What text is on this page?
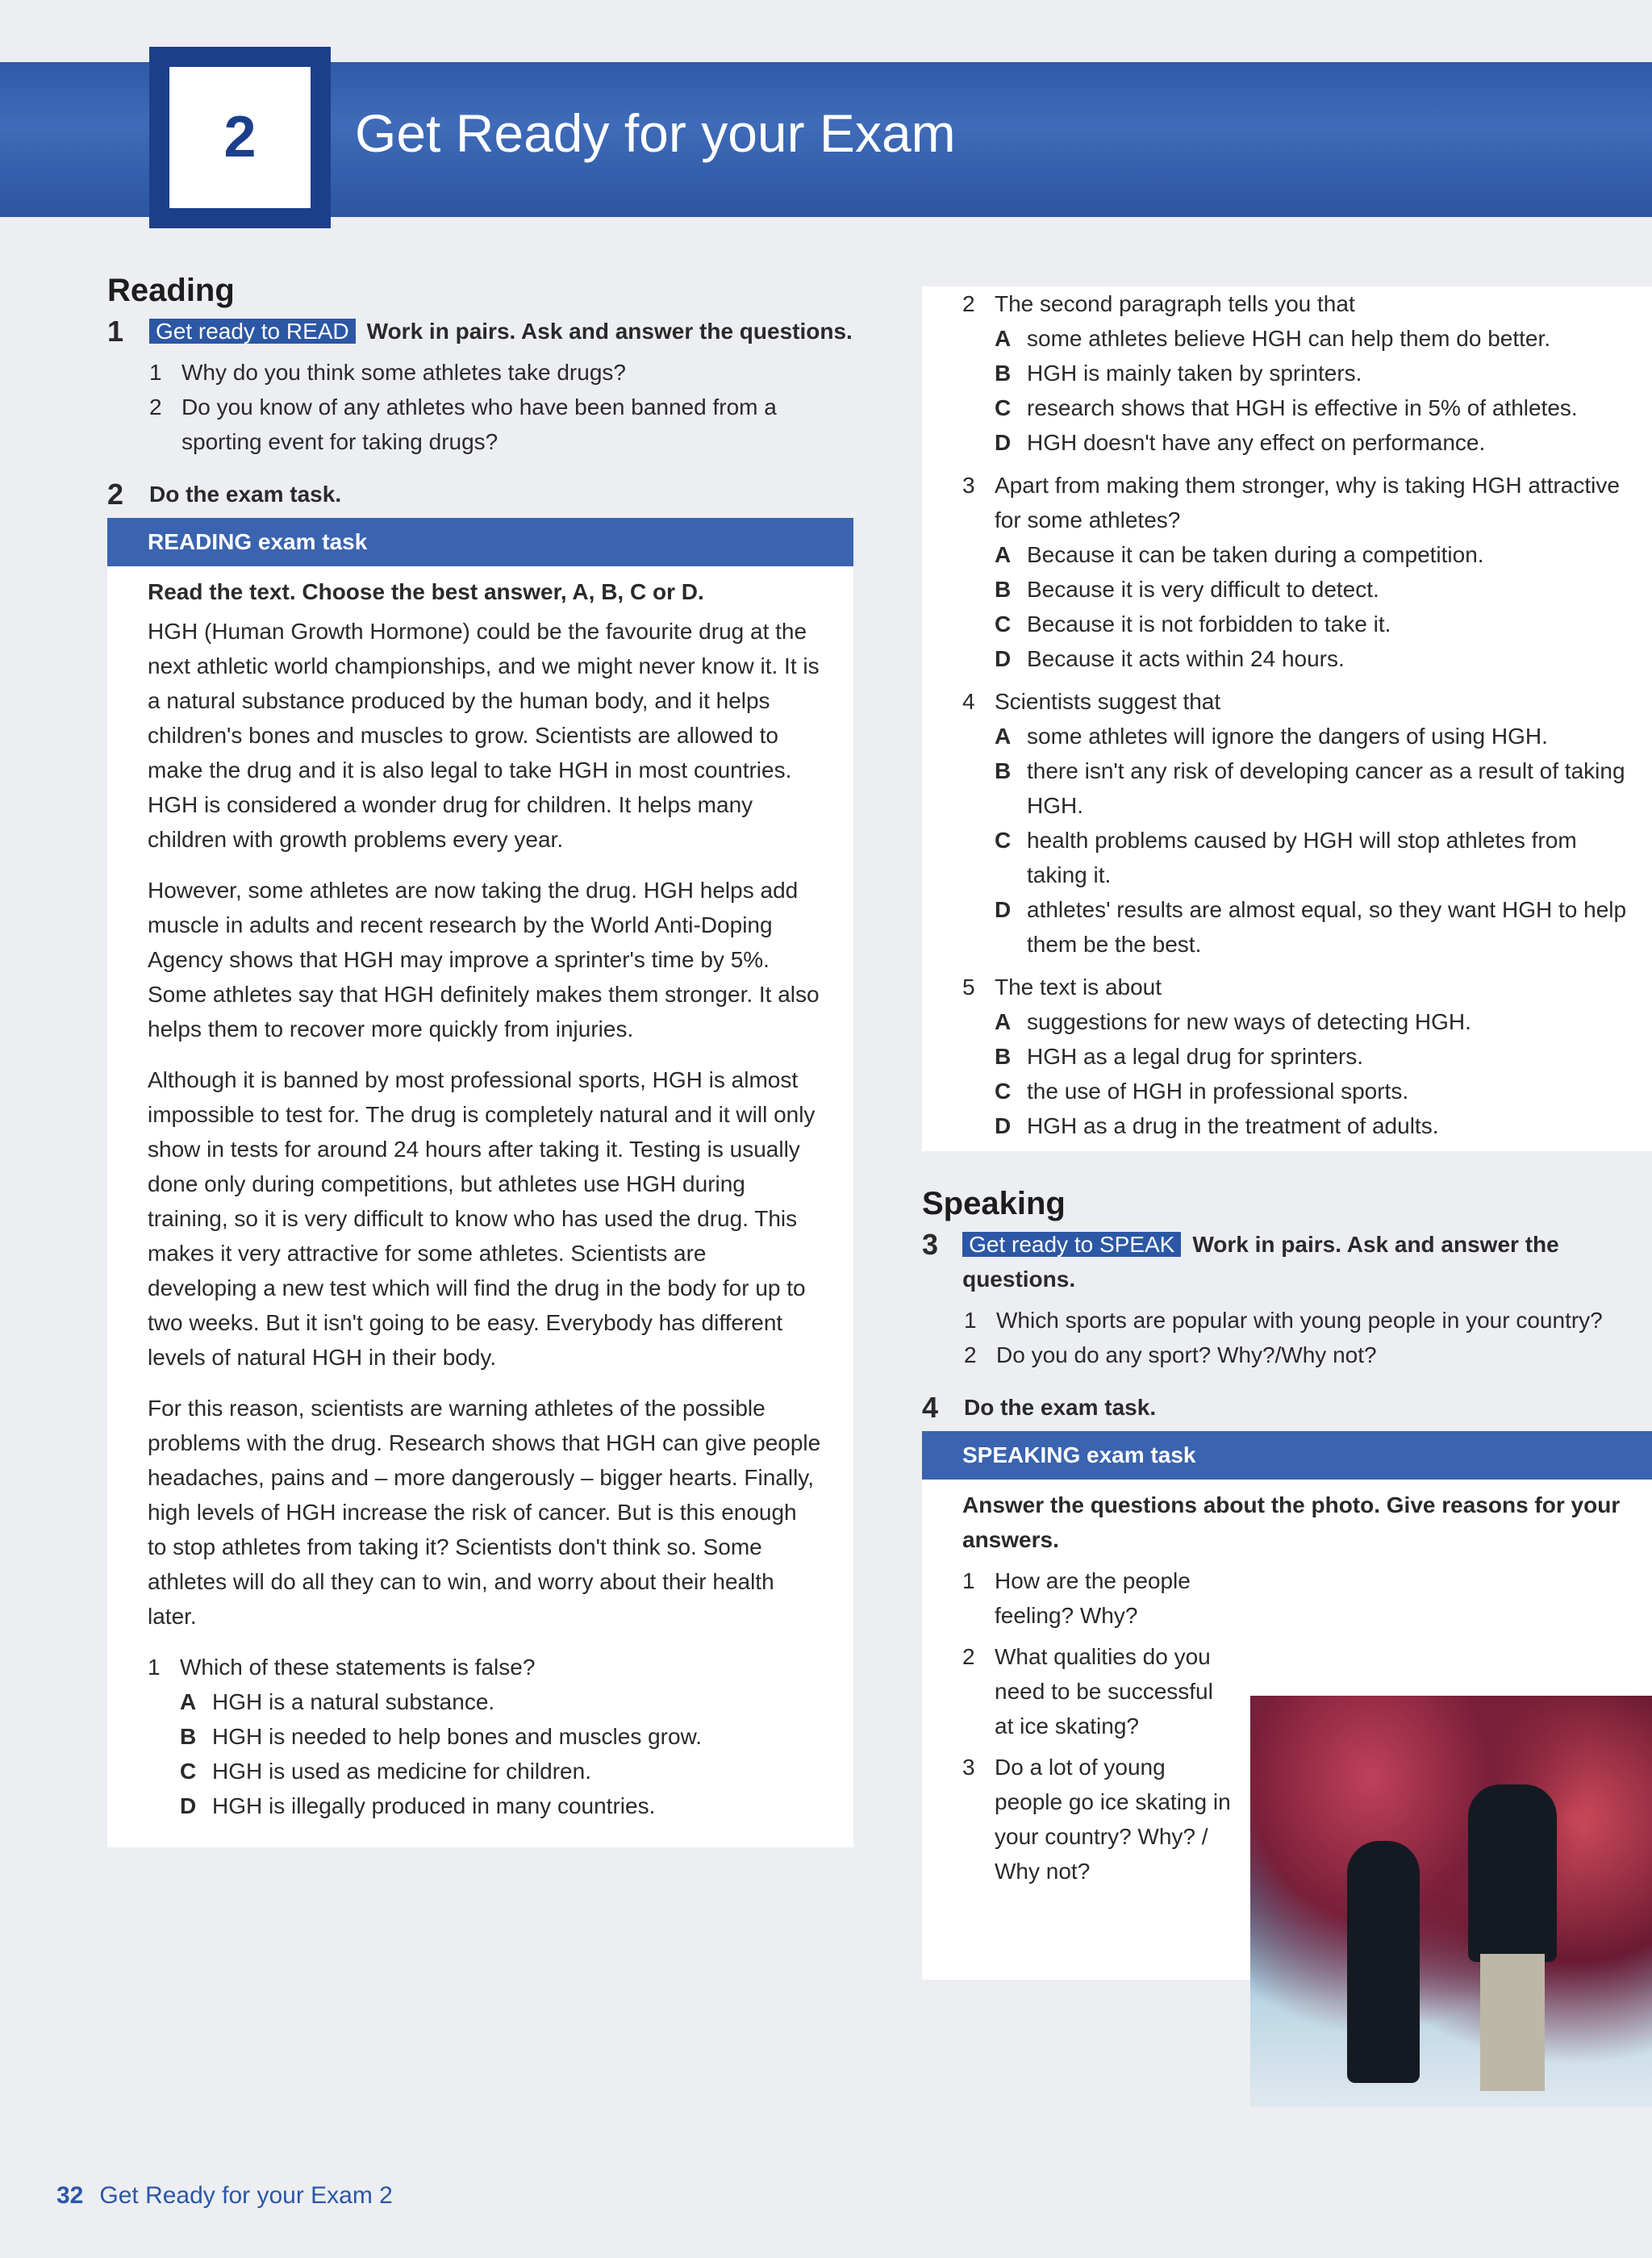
2	Get Ready for your Exam
Reading
1	Get ready to READ Work in pairs. Ask and answer the questions.
1 Why do you think some athletes take drugs?
2 Do you know of any athletes who have been banned from a sporting event for taking drugs?
2	Do the exam task.
READING exam task
Read the text. Choose the best answer, A, B, C or D.

HGH (Human Growth Hormone) could be the favourite drug at the next athletic world championships, and we might never know it. It is a natural substance produced by the human body, and it helps children's bones and muscles to grow. Scientists are allowed to make the drug and it is also legal to take HGH in most countries. HGH is considered a wonder drug for children. It helps many children with growth problems every year.

However, some athletes are now taking the drug. HGH helps add muscle in adults and recent research by the World Anti-Doping Agency shows that HGH may improve a sprinter's time by 5%. Some athletes say that HGH definitely makes them stronger. It also helps them to recover more quickly from injuries.

Although it is banned by most professional sports, HGH is almost impossible to test for. The drug is completely natural and it will only show in tests for around 24 hours after taking it. Testing is usually done only during competitions, but athletes use HGH during training, so it is very difficult to know who has used the drug. This makes it very attractive for some athletes. Scientists are developing a new test which will find the drug in the body for up to two weeks. But it isn't going to be easy. Everybody has different levels of natural HGH in their body.

For this reason, scientists are warning athletes of the possible problems with the drug. Research shows that HGH can give people headaches, pains and – more dangerously – bigger hearts. Finally, high levels of HGH increase the risk of cancer. But is this enough to stop athletes from taking it? Scientists don't think so. Some athletes will do all they can to win, and worry about their health later.

1 Which of these statements is false?
A HGH is a natural substance.
B HGH is needed to help bones and muscles grow.
C HGH is used as medicine for children.
D HGH is illegally produced in many countries.
2 The second paragraph tells you that
A some athletes believe HGH can help them do better.
B HGH is mainly taken by sprinters.
C research shows that HGH is effective in 5% of athletes.
D HGH doesn't have any effect on performance.
3 Apart from making them stronger, why is taking HGH attractive for some athletes?
A Because it can be taken during a competition.
B Because it is very difficult to detect.
C Because it is not forbidden to take it.
D Because it acts within 24 hours.
4 Scientists suggest that
A some athletes will ignore the dangers of using HGH.
B there isn't any risk of developing cancer as a result of taking HGH.
C health problems caused by HGH will stop athletes from taking it.
D athletes' results are almost equal, so they want HGH to help them be the best.
5 The text is about
A suggestions for new ways of detecting HGH.
B HGH as a legal drug for sprinters.
C the use of HGH in professional sports.
D HGH as a drug in the treatment of adults.
Speaking
3	Get ready to SPEAK Work in pairs. Ask and answer the questions.
1 Which sports are popular with young people in your country?
2 Do you do any sport? Why?/Why not?
4	Do the exam task.
SPEAKING exam task
Answer the questions about the photo. Give reasons for your answers.
1 How are the people feeling? Why?
2 What qualities do you need to be successful at ice skating?
3 Do a lot of young people go ice skating in your country? Why? / Why not?
32 Get Ready for your Exam 2
